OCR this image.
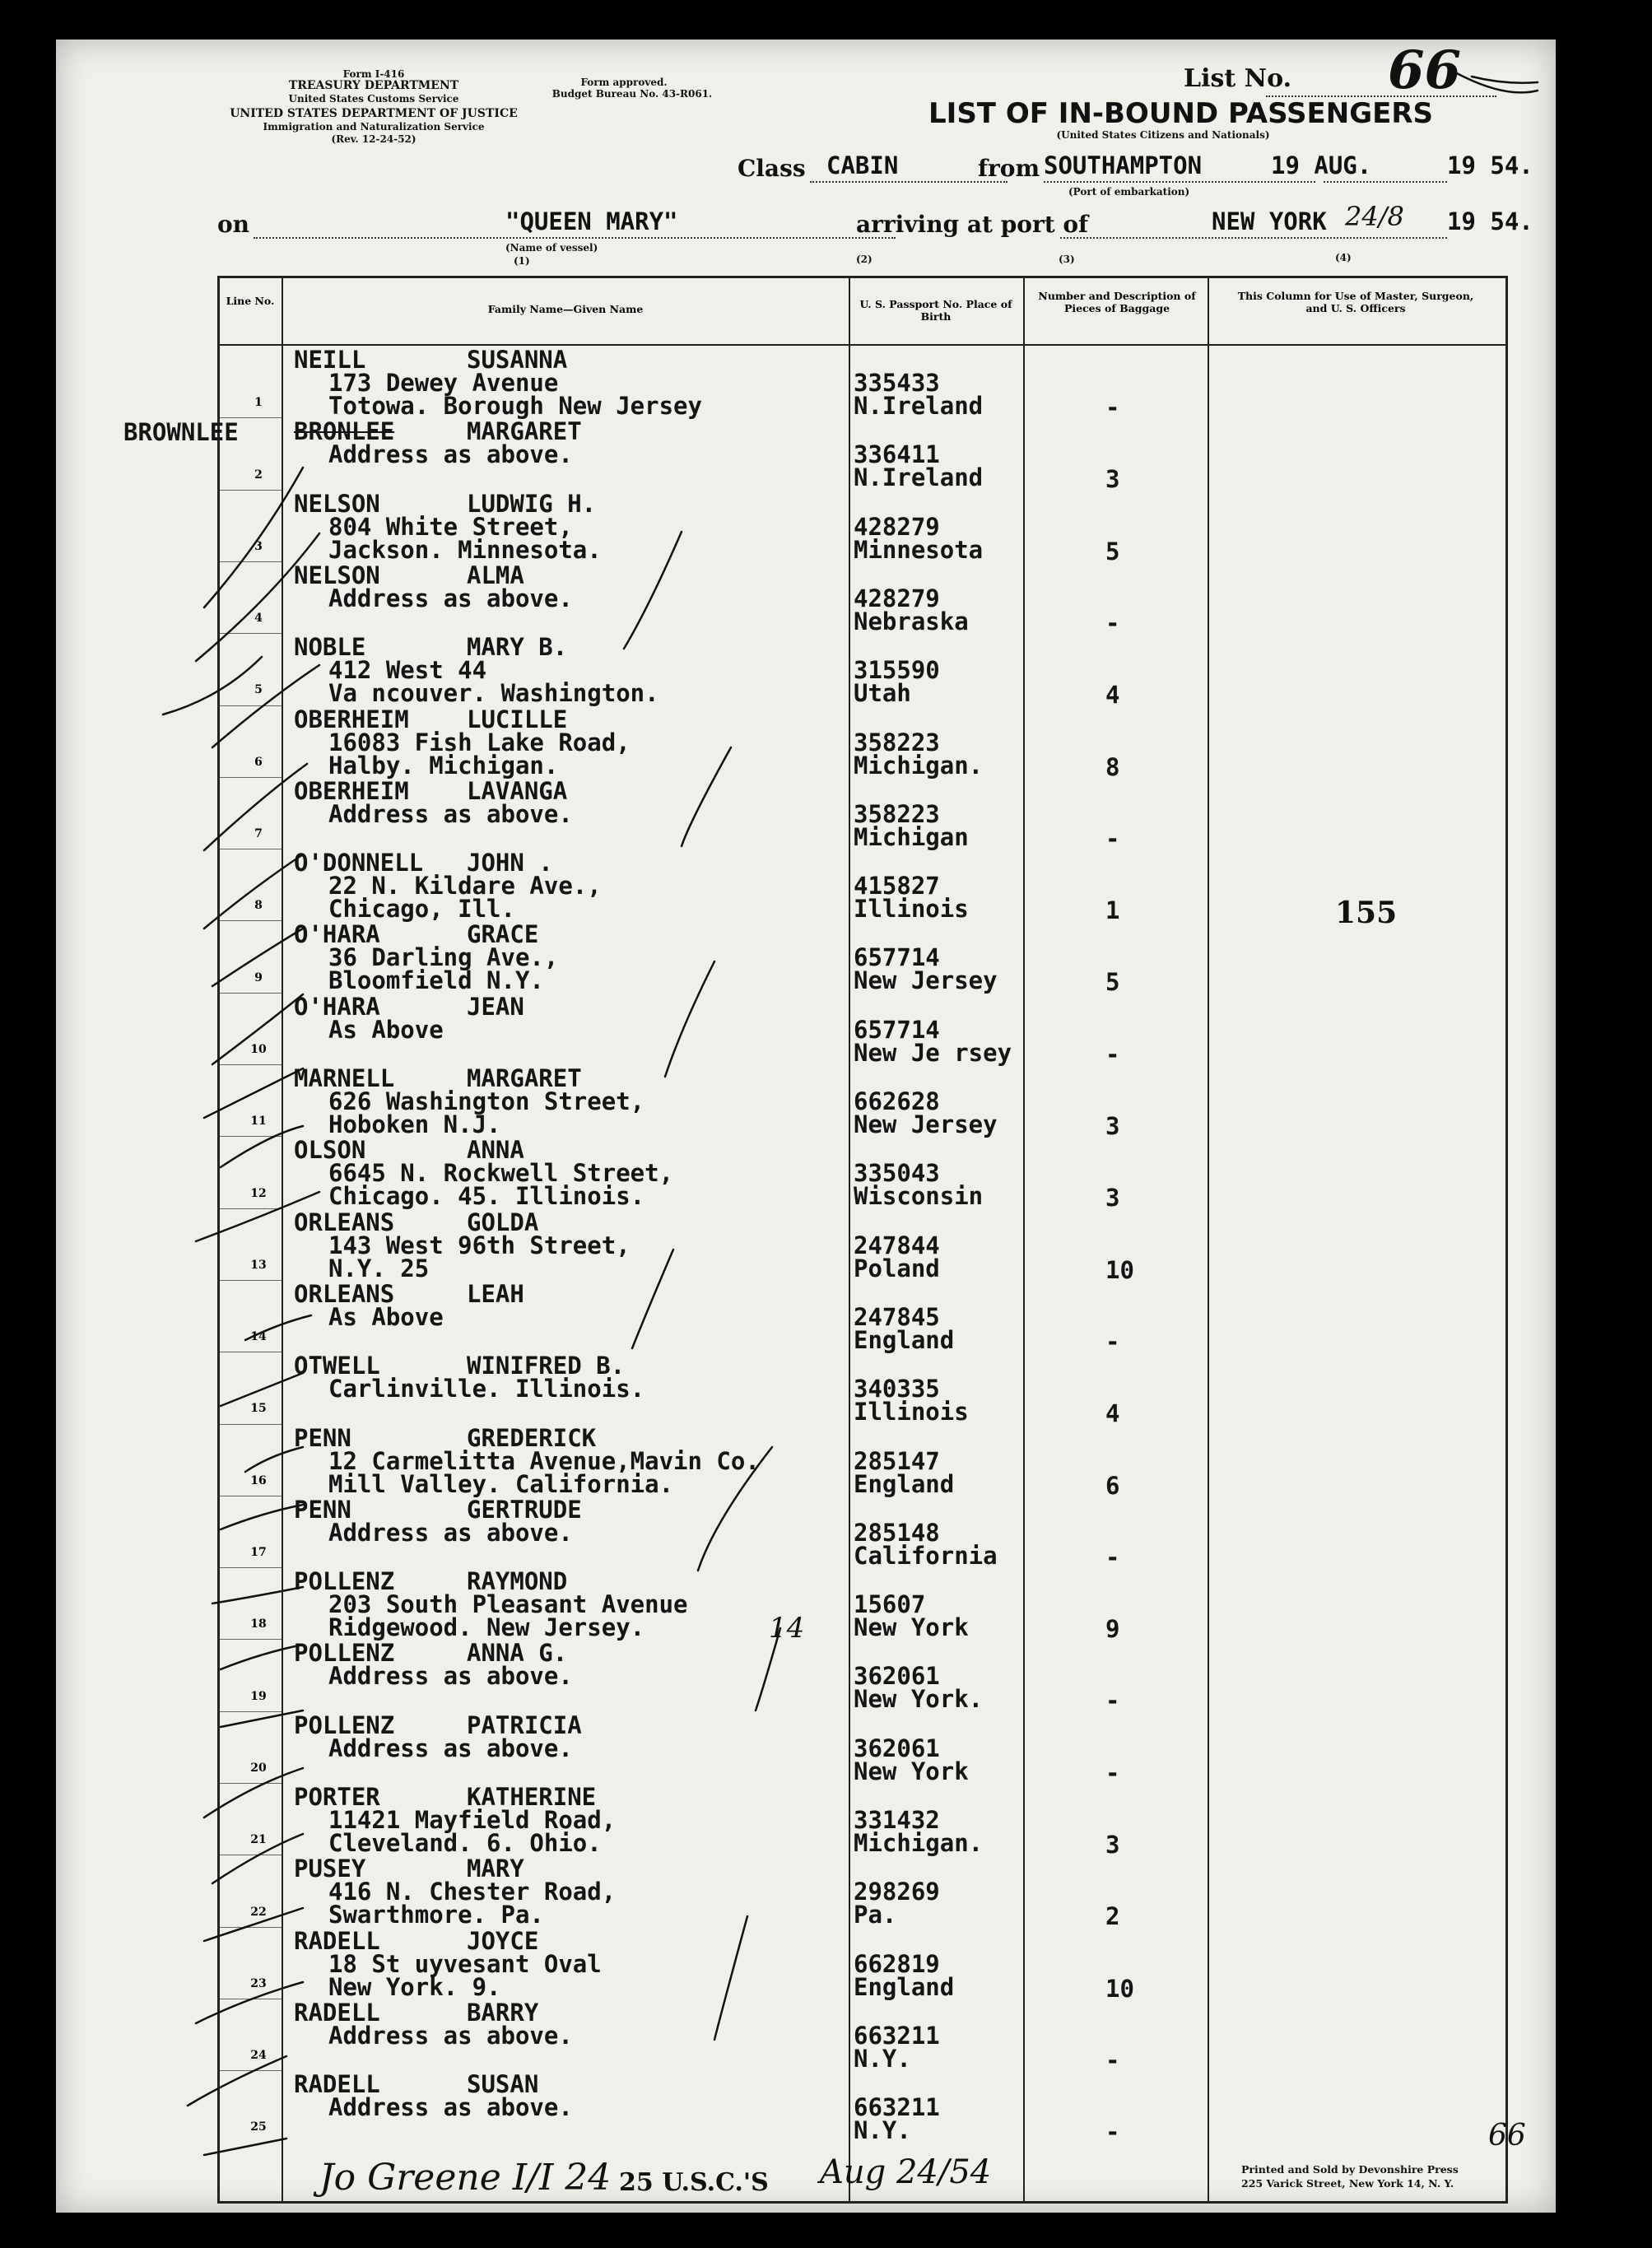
Form I-416
TREASURY DEPARTMENT
United States Customs Service
UNITED STATES DEPARTMENT OF JUSTICE
Immigration and Naturalization Service
(Rev. 12-24-52)
Form approved.
Budget Bureau No. 43-R061.
List No. 66
LIST OF IN-BOUND PASSENGERS
(United States Citizens and Nationals)
Class CABIN	from SOUTHAMPTON
(Port of embarkation)
19 AUG.	19 54.
on	"QUEEN MARY"
(Name of vessel)
(1)
arriving at port of	NEW YORK 24/8 19 54.
Line No.
Family Name—Given Name	U. S. Passport No. Place of Birth
Number and Description of Pieces of Baggage
This Column for Use of Master, Surgeon, and U. S. Officers
1
NEILL	SUSANNA
173 Dewey Avenue
Totowa. Borough New Jersey
335433
N.Ireland	-
2
BRONLEE	MARGARET
Address as above.	336411
N.Ireland	3
3
NELSON	LUDWIG H.
804 White Street,
Jackson. Minnesota.
428279
Minnesota	5
4
NELSON	ALMA
Address as above.	428279
Nebraska	-
5
NOBLE	MARY B.
412 West 44
Va ncouver. Washington.
315590
Utah	4
6
OBERHEIM LUCILLE
16083 Fish Lake Road,
Halby. Michigan.
358223
Michigan.	8
7
OBERHEIM LAVANGA
Address as above.	358223
Michigan	-
8
O'DONNELL JOHN .
22 N. Kildare Ave.,
Chicago, Ill.
415827
Illinois	1
9
O'HARA	GRACE
36 Darling Ave.,
Bloomfield N.Y.
657714
New Jersey	5
10
O'HARA	JEAN
As Above	657714
New Je rsey	-
11
MARNELL	MARGARET
626 Washington Street,
Hoboken N.J.
662628
New Jersey	3
12
OLSON	ANNA
6645 N. Rockwell Street,
Chicago. 45. Illinois.
335043
Wisconsin	3
13
ORLEANS	GOLDA
143 West 96th Street,
N.Y. 25
247844
Poland	10
14
ORLEANS	LEAH
As Above	247845
England	-
15
OTWELL	WINIFRED B.
Carlinville. Illinois.	340335
Illinois	4
16
PENN	GREDERICK
12 Carmelitta Avenue,Mavin Co.
Mill Valley. California.
285147
England	6
17
PENN	GERTRUDE
Address as above.	285148
California	-
18
POLLENZ	RAYMOND
203 South Pleasant Avenue
Ridgewood. New Jersey.
15607
New York	9
19
POLLENZ	ANNA G.
Address as above.	362061
New York.	-
20
POLLENZ	PATRICIA
Address as above.	362061
New York	-
21
PORTER	KATHERINE
11421 Mayfield Road,
Cleveland. 6. Ohio.
331432
Michigan.	3
22
PUSEY	MARY
416 N. Chester Road,
Swarthmore. Pa.
298269
Pa.	2
23
RADELL	JOYCE
18 St uyvesant Oval
New York. 9.
662819
England	10
24
RADELL	BARRY
Address as above.	663211
N.Y.	-
25
RADELL	SUSAN
Address as above.	663211
N.Y.	-
(2)	(3)	(4)
BROWNLEE
155
14
66
Jo Greene I/I 24 25 U.S.C.'S Aug 24/54	Printed and Sold by Devonshire Press
225 Varick Street, New York 14, N. Y.
